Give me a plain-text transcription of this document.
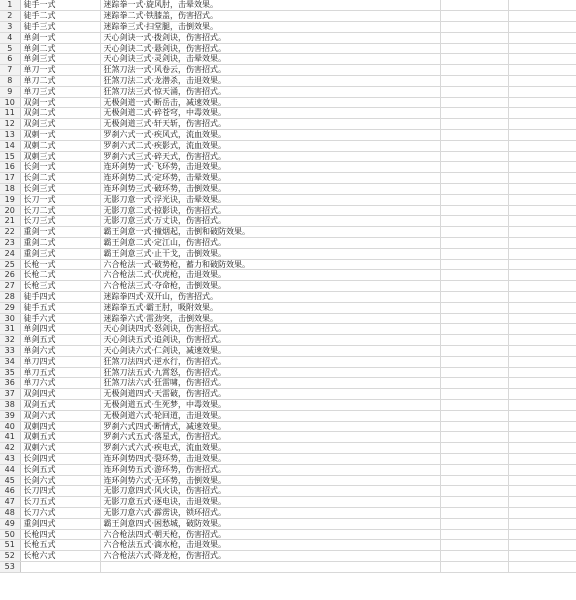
1	徒手一式	迷踪拳一式·旋风肘，击晕效果。		
2	徒手二式	迷踪拳二式·铁膝盖，伤害招式。		
3	徒手三式	迷踪拳三式·扫堂腿，击倒效果。		
4	单剑一式	天心剑诀一式·拨剑诀，伤害招式。		
5	单剑二式	天心剑诀二式·悬剑诀，伤害招式。		
6	单剑三式	天心剑诀三式·灵剑诀，击晕效果。		
7	单刀一式	狂煞刀法一式·风卷云，伤害招式。		
8	单刀二式	狂煞刀法二式·龙潜杀，击退效果。		
9	单刀三式	狂煞刀法三式·惊天涌，伤害招式。		
10	双剑一式	无极剑道一式·断岳击，减速效果。		
11	双剑二式	无极剑道二式·碎苍穹，中毒效果。		
12	双剑三式	无极剑道三式·轩天斩，伤害招式。		
13	双刺一式	罗刹六式一式·疾风式，流血效果。		
14	双刺二式	罗刹六式二式·疾影式，流血效果。		
15	双刺三式	罗刹六式三式·碎天式，伤害招式。		
16	长剑一式	连环剑势一式·飞环势，击退效果。		
17	长剑二式	连环剑势二式·定环势，击晕效果。		
18	长剑三式	连环剑势三式·破环势，击倒效果。		
19	长刀一式	无影刀意一式·浮光诀，击晕效果。		
20	长刀二式	无影刀意二式·掠影诀，伤害招式。		
21	长刀三式	无影刀意三式·万丈诀，伤害招式。		
22	重剑一式	霸王剑意一式·撞烟起，击倒和破防效果。		
23	重剑二式	霸王剑意二式·定江山，伤害招式。		
24	重剑三式	霸王剑意三式·止干戈，击倒效果。		
25	长枪一式	六合枪法一式·破势枪，蓄力和破防效果。		
26	长枪二式	六合枪法二式·伏虎枪，击退效果。		
27	长枪三式	六合枪法三式·夺命枪，击倒效果。		
28	徒手四式	迷踪拳四式·双开山，伤害招式。		
29	徒手五式	迷踪拳五式·霸王肘，吸附效果。		
30	徒手六式	迷踪拳六式·雷劲突，击倒效果。		
31	单剑四式	天心剑诀四式·怒剑诀，伤害招式。		
32	单剑五式	天心剑诀五式·追剑诀，伤害招式。		
33	单剑六式	天心剑诀六式·仁剑诀，减速效果。		
34	单刀四式	狂煞刀法四式·逆水行，伤害招式。		
35	单刀五式	狂煞刀法五式·九霄怒，伤害招式。		
36	单刀六式	狂煞刀法六式·狂雷啸，伤害招式。		
37	双剑四式	无极剑道四式·天雷破，伤害招式。		
38	双剑五式	无极剑道五式·生死梦，中毒效果。		
39	双剑六式	无极剑道六式·轮回道，击退效果。		
40	双刺四式	罗刹六式四式·断情式，减速效果。		
41	双刺五式	罗刹六式五式·落星式，伤害招式。		
42	双刺六式	罗刹六式六式·疾电式，流血效果。		
43	长剑四式	连环剑势四式·裂环势，击退效果。		
44	长剑五式	连环剑势五式·游环势，伤害招式。		
45	长剑六式	连环剑势六式·无环势，击倒效果。		
46	长刀四式	无影刀意四式·风火诀，伤害招式。		
47	长刀五式	无影刀意五式·逐电诀，击退效果。		
48	长刀六式	无影刀意六式·霹雳诀，锁环招式。		
49	重剑四式	霸王剑意四式·困愁城，破防效果。		
50	长枪四式	六合枪法四式·朝天枪，伤害招式。		
51	长枪五式	六合枪法五式·滴水枪，击退效果。		
52	长枪六式	六合枪法六式·降龙枪，伤害招式。		
53				
